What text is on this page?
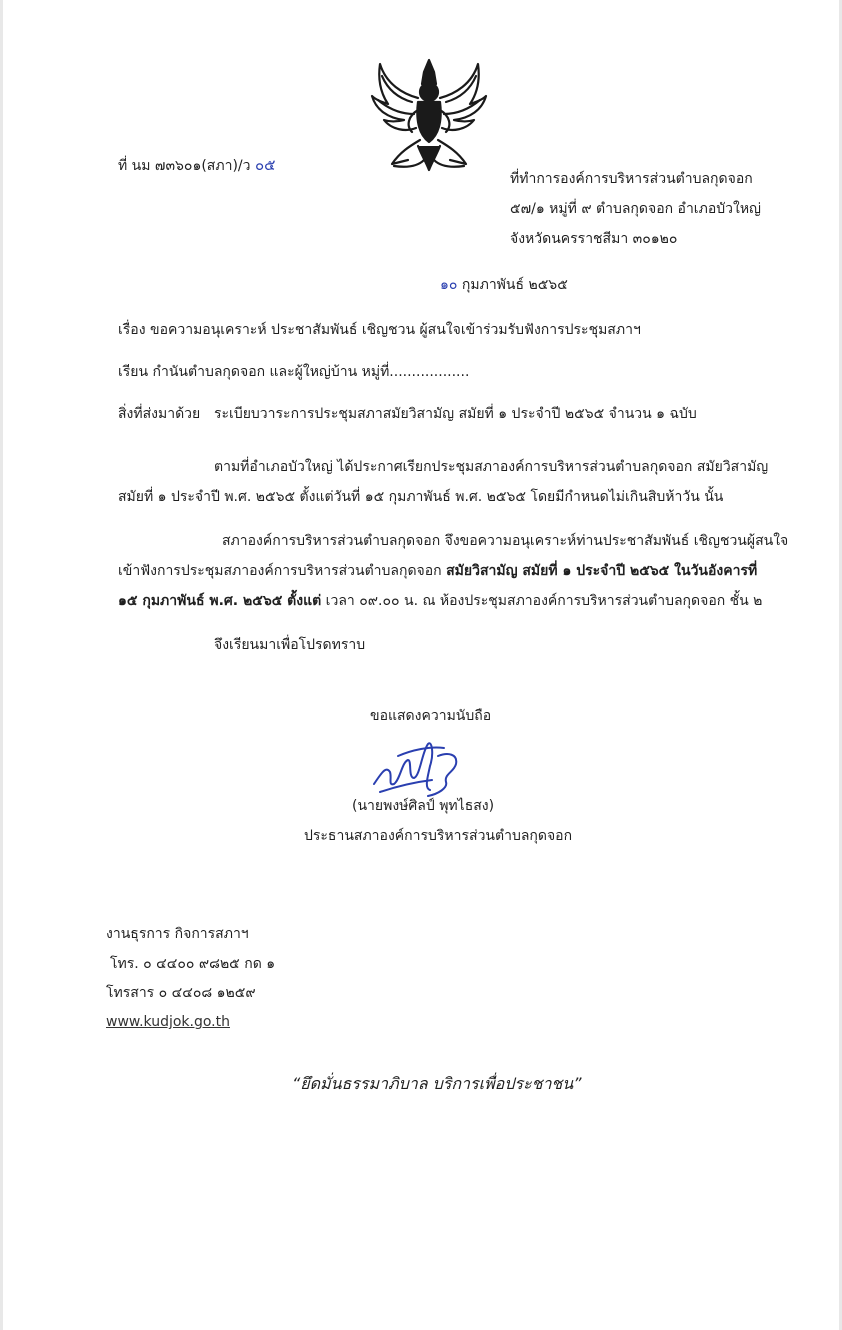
ที่ นม ๗๓๖๐๑(สภา)/ว ๐๕
ที่ทำการองค์การบริหารส่วนตำบลกุดจอก
๕๗/๑ หมู่ที่ ๙ ตำบลกุดจอก อำเภอบัวใหญ่
จังหวัดนครราชสีมา ๓๐๑๒๐
๑๐ กุมภาพันธ์ ๒๕๖๕
เรื่อง ขอความอนุเคราะห์ ประชาสัมพันธ์ เชิญชวน ผู้สนใจเข้าร่วมรับฟังการประชุมสภาฯ
เรียน กำนันตำบลกุดจอก และผู้ใหญ่บ้าน หมู่ที่..................
สิ่งที่ส่งมาด้วย ระเบียบวาระการประชุมสภาสมัยวิสามัญ สมัยที่ ๑ ประจำปี ๒๕๖๕ จำนวน ๑ ฉบับ
ตามที่อำเภอบัวใหญ่ ได้ประกาศเรียกประชุมสภาองค์การบริหารส่วนตำบลกุดจอก สมัยวิสามัญ
สมัยที่ ๑ ประจำปี พ.ศ. ๒๕๖๕ ตั้งแต่วันที่ ๑๕ กุมภาพันธ์ พ.ศ. ๒๕๖๕ โดยมีกำหนดไม่เกินสิบห้าวัน นั้น
สภาองค์การบริหารส่วนตำบลกุดจอก จึงขอความอนุเคราะห์ท่านประชาสัมพันธ์ เชิญชวนผู้สนใจ
เข้าฟังการประชุมสภาองค์การบริหารส่วนตำบลกุดจอก สมัยวิสามัญ สมัยที่ ๑ ประจำปี ๒๕๖๕ ในวันอังคารที่
๑๕ กุมภาพันธ์ พ.ศ. ๒๕๖๕ ตั้งแต่ เวลา ๐๙.๐๐ น. ณ ห้องประชุมสภาองค์การบริหารส่วนตำบลกุดจอก ชั้น ๒
จึงเรียนมาเพื่อโปรดทราบ
ขอแสดงความนับถือ
(นายพงษ์ศิลป์ พุทไธสง)
ประธานสภาองค์การบริหารส่วนตำบลกุดจอก
งานธุรการ กิจการสภาฯ
โทร. ๐ ๔๔๐๐ ๙๘๒๕ กด ๑
โทรสาร ๐ ๔๔๐๘ ๑๒๕๙
www.kudjok.go.th
“ยึดมั่นธรรมาภิบาล บริการเพื่อประชาชน”
